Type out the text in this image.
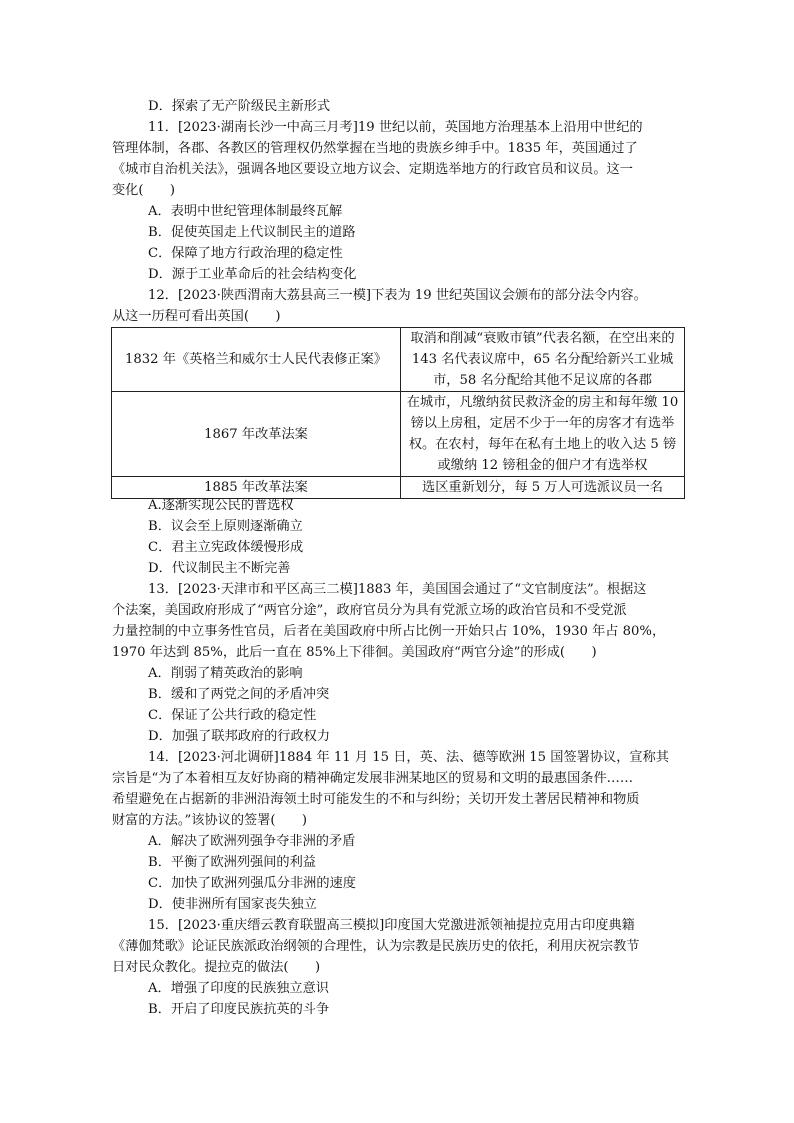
D．探索了无产阶级民主新形式
11．[2023·湖南长沙一中高三月考]19 世纪以前，英国地方治理基本上沿用中世纪的
管理体制，各郡、各教区的管理权仍然掌握在当地的贵族乡绅手中。1835 年，英国通过了
《城市自治机关法》，强调各地区要设立地方议会、定期选举地方的行政官员和议员。这一
变化(　　)
A．表明中世纪管理体制最终瓦解
B．促使英国走上代议制民主的道路
C．保障了地方行政治理的稳定性
D．源于工业革命后的社会结构变化
12．[2023·陕西渭南大荔县高三一模]下表为 19 世纪英国议会颁布的部分法令内容。
从这一历程可看出英国(　　)
1832 年《英格兰和威尔士人民代表修正案》	取消和削减“衰败市镇”代表名额，在空出来的 143 名代表议席中，65 名分配给新兴工业城市，58 名分配给其他不足议席的各郡
1867 年改革法案	在城市，凡缴纳贫民救济金的房主和每年缴 10 镑以上房租，定居不少于一年的房客才有选举权。在农村，每年在私有土地上的收入达 5 镑或缴纳 12 镑租金的佃户才有选举权
1885 年改革法案	选区重新划分，每 5 万人可选派议员一名
A.逐渐实现公民的普选权
B．议会至上原则逐渐确立
C．君主立宪政体缓慢形成
D．代议制民主不断完善
13．[2023·天津市和平区高三二模]1883 年，美国国会通过了“文官制度法”。根据这
个法案，美国政府形成了“两官分途”，政府官员分为具有党派立场的政治官员和不受党派
力量控制的中立事务性官员，后者在美国政府中所占比例一开始只占 10%，1930 年占 80%，
1970 年达到 85%，此后一直在 85%上下徘徊。美国政府“两官分途”的形成(　　)
A．削弱了精英政治的影响
B．缓和了两党之间的矛盾冲突
C．保证了公共行政的稳定性
D．加强了联邦政府的行政权力
14．[2023·河北调研]1884 年 11 月 15 日，英、法、德等欧洲 15 国签署协议，宣称其
宗旨是“为了本着相互友好协商的精神确定发展非洲某地区的贸易和文明的最惠国条件……
希望避免在占据新的非洲沿海领土时可能发生的不和与纠纷；关切开发土著居民精神和物质
财富的方法。”该协议的签署(　　)
A．解决了欧洲列强争夺非洲的矛盾
B．平衡了欧洲列强间的利益
C．加快了欧洲列强瓜分非洲的速度
D．使非洲所有国家丧失独立
15．[2023·重庆缙云教育联盟高三模拟]印度国大党激进派领袖提拉克用古印度典籍
《薄伽梵歌》论证民族派政治纲领的合理性，认为宗教是民族历史的依托，利用庆祝宗教节
日对民众教化。提拉克的做法(　　)
A．增强了印度的民族独立意识
B．开启了印度民族抗英的斗争
